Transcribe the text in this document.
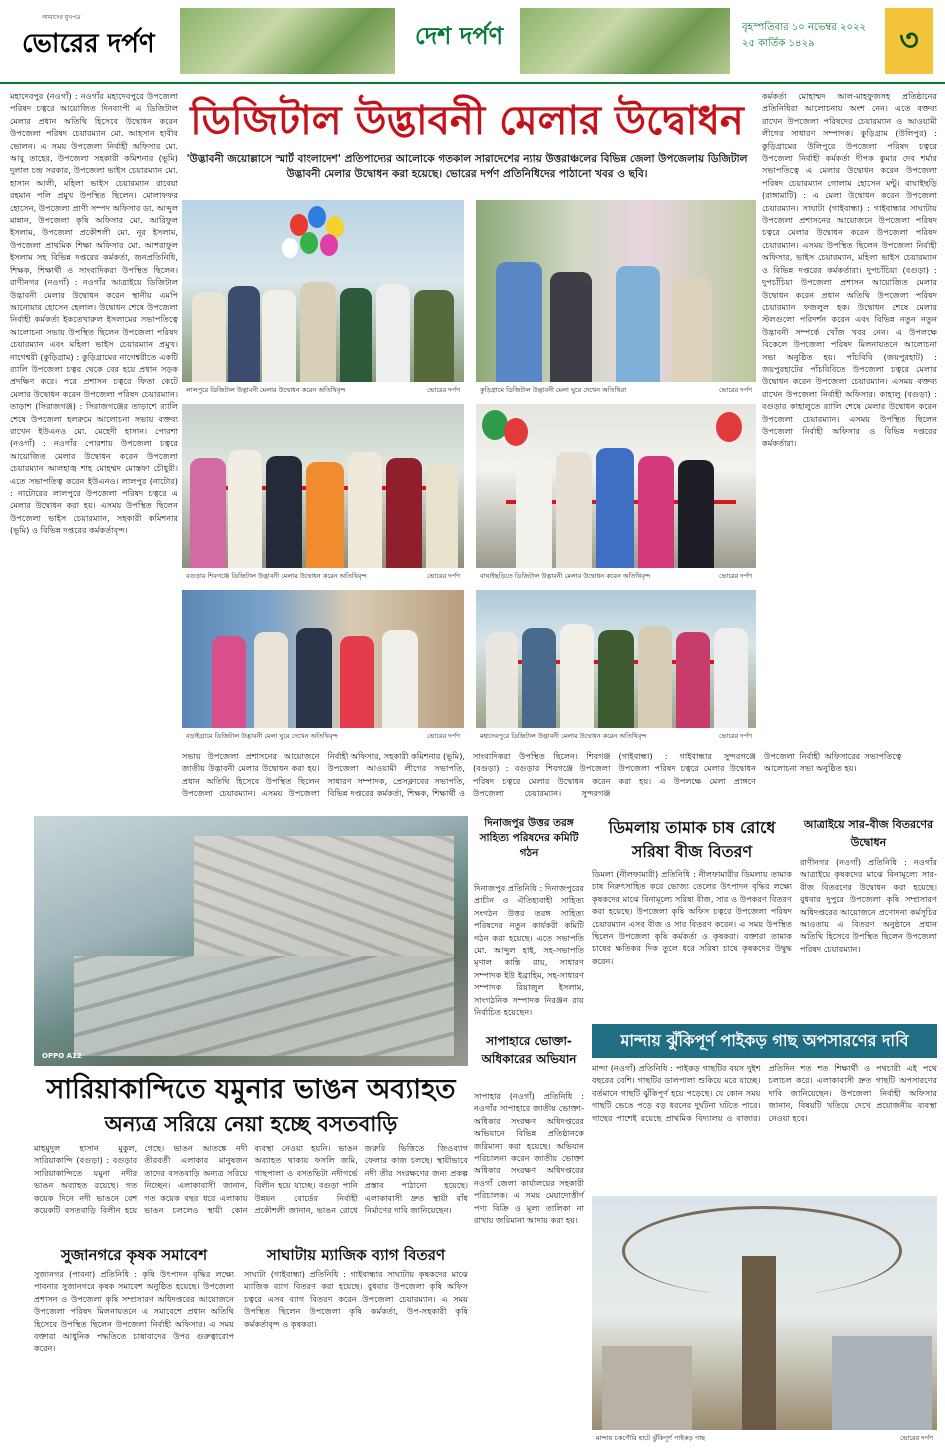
আমাদের মুখপত্র
ভোরের দর্পণ	দেশ দর্পণ	বৃহস্পতিবার ১০ নভেম্বর ২০২২
২৫ কার্তিক ১৪২৯	৩
মহাদেবপুর (নওগাঁ) : নওগাঁর মহাদেবপুরে উপজেলা পরিষদ চত্বরে আয়োজিত দিনব্যাপী এ ডিজিটাল মেলার প্রধান অতিথি হিসেবে উদ্বোধন করেন উপজেলা পরিষদ চেয়ারম্যান মো. আহসান হাবীব ভোলন। এ সময় উপজেলা নির্বাহী অফিসার মো. আবু তাহের, উপজেলা সহকারী কমিশনার (ভূমি) দুলাল চন্দ্র সরকার, উপজেলা ভাইস চেয়ারম্যান মো. হাসান আলী, মহিলা ভাইস চেয়ারম্যান রাবেয়া রহমান পলি প্রমুখ উপস্থিত ছিলেন। মোলাফফর হোসেন, উপজেলা প্রাণী সম্পদ অফিসার ডা. আব্দুল মান্নান, উপজেলা কৃষি অফিসার মো. আরিফুল ইসলাম, উপজেলা প্রকৌশলী মো. নূর ইসলাম, উপজেলা প্রাথমিক শিক্ষা অফিসার মো. আশরাফুল ইসলাম সহ বিভিন্ন দপ্তরের কর্মকর্তা, জনপ্রতিনিধি, শিক্ষক, শিক্ষার্থী ও সাংবাদিকরা উপস্থিত ছিলেন। রাণীনগর (নওগাঁ) : নওগাঁর আত্রাইয়ে ডিজিটাল উদ্ভাবনী মেলার উদ্বোধন করেন স্থানীয় এমপি আনোয়ার হোসেন হেলাল। উদ্বোধন শেষে উপজেলা নির্বাহী কর্মকর্তা ইকতেখারুল ইসলামের সভাপতিত্বে আলোচনা সভায় উপস্থিত ছিলেন উপজেলা পরিষদ চেয়ারম্যান এবং মহিলা ভাইস চেয়ারম্যান প্রমুখ। নাগেশ্বরী (কুড়িগ্রাম) : কুড়িগ্রামের নাগেশ্বরীতে একটি র‍্যালি উপজেলা চত্বর থেকে বের হয়ে প্রধান সড়ক প্রদক্ষিণ করে। পরে প্রশাসন চত্বরে ফিতা কেটে মেলার উদ্বোধন করেন উপজেলা পরিষদ চেয়ারম্যান। তাড়াশ (সিরাজগঞ্জ) : সিরাজগঞ্জের তাড়াশে র‍্যালি শেষে উপজেলা হলরুমে আলোচনা সভায় বক্তব্য রাখেন ইউএনও মো. মেহেদী হাসান। পোরশা (নওগাঁ) : নওগাঁর পোরশায় উপজেলা চত্বরে আয়োজিত মেলার উদ্বোধন করেন উপজেলা চেয়ারম্যান আলহাজ্ব শাহ মোহম্মদ মোস্তফা চৌধুরী। এতে সভাপতিত্ব করেন ইউএনও। লালপুর (নাটোর) : নাটোরের লালপুরে উপজেলা পরিষদ চত্বরে এ মেলার উদ্বোধন করা হয়। এসময় উপস্থিত ছিলেন উপজেলা ভাইস চেয়ারম্যান, সহকারী কমিশনার (ভূমি) ও বিভিন্ন দপ্তরের কর্মকর্তাবৃন্দ।
ডিজিটাল উদ্ভাবনী মেলার উদ্বোধন
'উদ্ভাবনী জয়োল্লাসে স্মার্ট বাংলাদেশ' প্রতিপাদ্যের আলোকে গতকাল সারাদেশের ন্যায় উত্তরাঞ্চলের বিভিন্ন জেলা উপজেলায় ডিজিটাল উদ্ভাবনী মেলার উদ্বোধন করা হয়েছে। ভোরের দর্পণ প্রতিনিধিদের পাঠানো খবর ও ছবি।
কর্মকর্তা মোহাম্মদ আল-মাহফুজসহ প্রতিষ্ঠানের প্রতিনিধিরা আলোচনায় অংশ নেন। এতে বক্তব্য রাখেন উপজেলা পরিষদের চেয়ারম্যান ও আওয়ামী লীগের সাধারণ সম্পাদক। কুড়িগ্রাম (উলিপুর) : কুড়িগ্রামের উলিপুরে উপজেলা পরিষদ চত্বরে উপজেলা নির্বাহী কর্মকর্তা দীপক কুমার দেব শর্মার সভাপতিত্বে এ মেলার উদ্বোধন করেন উপজেলা পরিষদ চেয়ারম্যান গোলাম হোসেন মন্টু। বাঘাইছড়ি (রাঙ্গামাটি) : এ মেলা উদ্বোধন করেন উপজেলা চেয়ারম্যান। সাঘাটা (গাইবান্ধা) : গাইবান্ধার সাঘাটায় উপজেলা প্রশাসনের আয়োজনে উপজেলা পরিষদ চত্বরে মেলার উদ্বোধন করেন উপজেলা পরিষদ চেয়ারম্যান। এসময় উপস্থিত ছিলেন উপজেলা নির্বাহী অফিসার, ভাইস চেয়ারম্যান, মহিলা ভাইস চেয়ারম্যান ও বিভিন্ন দপ্তরের কর্মকর্তারা। দুপচাঁচিয়া (বগুড়া) : দুপচাঁচিয়া উপজেলা প্রশাসন আয়োজিত মেলার উদ্বোধন করেন প্রধান অতিথি উপজেলা পরিষদ চেয়ারম্যান ফজলুল হক। উদ্বোধন শেষে মেলার স্টলগুলো পরিদর্শন করেন এবং বিভিন্ন নতুন নতুন উদ্ভাবনী সম্পর্কে খোঁজ খবর নেন। এ উপলক্ষে বিকেলে উপজেলা পরিষদ মিলনায়তনে আলোচনা সভা অনুষ্ঠিত হয়। পাঁচবিবি (জয়পুরহাট) : জয়পুরহাটের পাঁচবিবিতে উপজেলা চত্বরে মেলার উদ্বোধন করেন উপজেলা চেয়ারম্যান। এসময় বক্তব্য রাখেন উপজেলা নির্বাহী অফিসার। কাহালু (বগুড়া) : বগুড়ার কাহালুতে র‍্যালি শেষে মেলার উদ্বোধন করেন উপজেলা চেয়ারম্যান। এসময় উপস্থিত ছিলেন উপজেলা নির্বাহী অফিসার ও বিভিন্ন দপ্তরের কর্মকর্তারা।
লালপুরে ডিজিটাল উদ্ভাবনী মেলার উদ্বোধন করেন অতিথিবৃন্দ	ভোরের দর্পণ	কুড়িগ্রামে ডিজিটাল উদ্ভাবনী মেলা ঘুরে দেখেন অতিথিরা	ভোরের দর্পণ
বগুড়ার শিবগঞ্জে ডিজিটাল উদ্ভাবনী মেলার উদ্বোধন করেন অতিথিবৃন্দ	ভোরের দর্পণ	বাঘাইছড়িতে ডিজিটাল উদ্ভাবনী মেলার উদ্বোধন করেন অতিথিবৃন্দ	ভোরের দর্পণ
বড়াইগ্রামে ডিজিটাল উদ্ভাবনী মেলা ঘুরে দেখেন অতিথিবৃন্দ	ভোরের দর্পণ	মহাদেবপুরে ডিজিটাল উদ্ভাবনী মেলার উদ্বোধন করেন অতিথিবৃন্দ	ভোরের দর্পণ
সভায় উপজেলা প্রশাসনের আয়োজনে জাতীয় উদ্ভাবনী মেলার উদ্বোধন করা হয়। প্রধান অতিথি হিসেবে উপস্থিত ছিলেন উপজেলা চেয়ারম্যান। এসময় উপজেলা নির্বাহী অফিসার, সহকারী কমিশনার (ভূমি), উপজেলা আওয়ামী লীগের সভাপতি, সাধারণ সম্পাদক, প্রেসক্লাবের সভাপতি, বিভিন্ন দপ্তরের কর্মকর্তা, শিক্ষক, শিক্ষার্থী ও সাংবাদিকরা উপস্থিত ছিলেন। শিবগঞ্জ (বগুড়া) : বগুড়ার শিবগঞ্জে উপজেলা পরিষদ চত্বরে মেলার উদ্বোধন করেন উপজেলা চেয়ারম্যান। সুন্দরগঞ্জ (গাইবান্ধা) : গাইবান্ধার সুন্দরগঞ্জে উপজেলা পরিষদ চত্বরে মেলার উদ্বোধন করা হয়। এ উপলক্ষে মেলা প্রাঙ্গণে উপজেলা নির্বাহী অফিসারের সভাপতিত্বে আলোচনা সভা অনুষ্ঠিত হয়।
OPPO A12
সারিয়াকান্দিতে যমুনার ভাঙন অব্যাহত
অন্যত্র সরিয়ে নেয়া হচ্ছে বসতবাড়ি
মাহমুদুল হাসান মুকুল, সারিয়াকান্দি (বগুড়া) : বগুড়ার সারিয়াকান্দিতে যমুনা নদীর ভাঙন অব্যাহত রয়েছে। গত কয়েক দিনে নদী ভাঙনে বেশ কয়েকটি বসতবাড়ি বিলীন হয়ে গেছে। ভাঙন আতঙ্কে নদী তীরবর্তী এলাকার মানুষজন তাদের বসতবাড়ি অন্যত্র সরিয়ে নিচ্ছেন। এলাকাবাসী জানান, গত কয়েক বছর ধরে এলাকায় ভাঙন চললেও স্থায়ী কোন ব্যবস্থা নেওয়া হয়নি। ভাঙন অব্যাহত থাকায় ফসলি জমি, গাছপালা ও বসতভিটা নদীগর্ভে বিলীন হয়ে যাচ্ছে। বগুড়া পানি উন্নয়ন বোর্ডের নির্বাহী প্রকৌশলী জানান, ভাঙন রোধে জরুরি ভিত্তিতে জিওব্যাগ ফেলার কাজ চলছে। স্থায়ীভাবে নদী তীর সংরক্ষণের জন্য প্রকল্প প্রস্তাব পাঠানো হয়েছে। এলাকাবাসী দ্রুত স্থায়ী বাঁধ নির্মাণের দাবি জানিয়েছেন।
সুজানগরে কৃষক সমাবেশ
সুজানগর (পাবনা) প্রতিনিধি : কৃষি উৎপাদন বৃদ্ধির লক্ষ্যে পাবনার সুজানগরে কৃষক সমাবেশ অনুষ্ঠিত হয়েছে। উপজেলা প্রশাসন ও উপজেলা কৃষি সম্প্রসারণ অধিদপ্তরের আয়োজনে উপজেলা পরিষদ মিলনায়তনে এ সমাবেশে প্রধান অতিথি হিসেবে উপস্থিত ছিলেন উপজেলা নির্বাহী অফিসার। এ সময় বক্তারা আধুনিক পদ্ধতিতে চাষাবাদের উপর গুরুত্বারোপ করেন।
সাঘাটায় ম্যাজিক ব্যাগ বিতরণ
সাঘাটা (গাইবান্ধা) প্রতিনিধি : গাইবান্ধার সাঘাটায় কৃষকদের মাঝে ম্যাজিক ব্যাগ বিতরণ করা হয়েছে। বুধবার উপজেলা কৃষি অফিস চত্বরে এসব ব্যাগ বিতরণ করেন উপজেলা চেয়ারম্যান। এ সময় উপস্থিত ছিলেন উপজেলা কৃষি কর্মকর্তা, উপ-সহকারী কৃষি কর্মকর্তাবৃন্দ ও কৃষকরা।
দিনাজপুর উত্তর তরঙ্গ সাহিত্য পরিষদের কমিটি গঠন
দিনাজপুর প্রতিনিধি : দিনাজপুরের প্রাচীন ও ঐতিহ্যবাহী সাহিত্য সংগঠন উত্তর তরঙ্গ সাহিত্য পরিষদের নতুন কার্যকরী কমিটি গঠন করা হয়েছে। এতে সভাপতি মো. আব্দুল হাই, সহ-সভাপতি মৃণাল কান্তি রায়, সাধারণ সম্পাদক ইউ ইব্রাহিম, সহ-সাধারণ সম্পাদক রিয়াজুল ইসলাম, সাংগঠনিক সম্পাদক নিরঞ্জন রায় নির্বাচিত হয়েছেন।
সাপাহারে ভোক্তা-অধিকারের অভিযান
সাপাহার (নওগাঁ) প্রতিনিধি : নওগাঁর সাপাহারে জাতীয় ভোক্তা-অধিকার সংরক্ষণ অধিদপ্তরের অভিযানে বিভিন্ন প্রতিষ্ঠানকে জরিমানা করা হয়েছে। অভিযান পরিচালনা করেন জাতীয় ভোক্তা অধিকার সংরক্ষণ অধিদপ্তরের নওগাঁ জেলা কার্যালয়ের সহকারী পরিচালক। এ সময় মেয়াদোত্তীর্ণ পণ্য বিক্রি ও মূল্য তালিকা না রাখায় জরিমানা আদায় করা হয়।
ডিমলায় তামাক চাষ রোধে সরিষা বীজ বিতরণ
ডিমলা (নীলফামারী) প্রতিনিধি : নীলফামারীর ডিমলায় তামাক চাষ নিরুৎসাহিত করে ভোজ্য তেলের উৎপাদন বৃদ্ধির লক্ষ্যে কৃষকদের মাঝে বিনামূল্যে সরিষা বীজ, সার ও উপকরণ বিতরণ করা হয়েছে। উপজেলা কৃষি অফিস চত্বরে উপজেলা পরিষদ চেয়ারম্যান এসব বীজ ও সার বিতরণ করেন। এ সময় উপস্থিত ছিলেন উপজেলা কৃষি কর্মকর্তা ও কৃষকরা। বক্তারা তামাক চাষের ক্ষতিকর দিক তুলে ধরে সরিষা চাষে কৃষকদের উদ্বুদ্ধ করেন।
আত্রাইয়ে সার-বীজ বিতরণের উদ্বোধন
রাণীনগর (নওগাঁ) প্রতিনিধি : নওগাঁর আত্রাইয়ে কৃষকদের মাঝে বিনামূল্যে সার-বীজ বিতরণের উদ্বোধন করা হয়েছে। বুধবার দুপুরে উপজেলা কৃষি সম্প্রসারণ অধিদপ্তরের আয়োজনে প্রণোদনা কর্মসূচির আওতায় এ বিতরণ অনুষ্ঠানে প্রধান অতিথি হিসেবে উপস্থিত ছিলেন উপজেলা পরিষদ চেয়ারম্যান।
মান্দায় ঝুঁকিপূর্ণ পাইকড় গাছ অপসারণের দাবি
মান্দা (নওগাঁ) প্রতিনিধি : পাইকড় গাছটির বয়স দুইশ বছরের বেশি। গাছটির ডালপালা শুকিয়ে মরে যাচ্ছে। বর্তমানে গাছটি ঝুঁকিপূর্ণ হয়ে পড়েছে। যে কোন সময় গাছটি ভেঙে পড়ে বড় ধরনের দুর্ঘটনা ঘটতে পারে। গাছের পাশেই রয়েছে প্রাথমিক বিদ্যালয় ও বাজার। প্রতিদিন শত শত শিক্ষার্থী ও পথচারী এই পথে চলাচল করে। এলাকাবাসী দ্রুত গাছটি অপসারণের দাবি জানিয়েছেন। উপজেলা নির্বাহী অফিসার জানান, বিষয়টি খতিয়ে দেখে প্রয়োজনীয় ব্যবস্থা নেওয়া হবে।
মান্দায় চকগৌরি হাটে ঝুঁকিপূর্ণ পাইকড় গাছ	ভোরের দর্পণ
